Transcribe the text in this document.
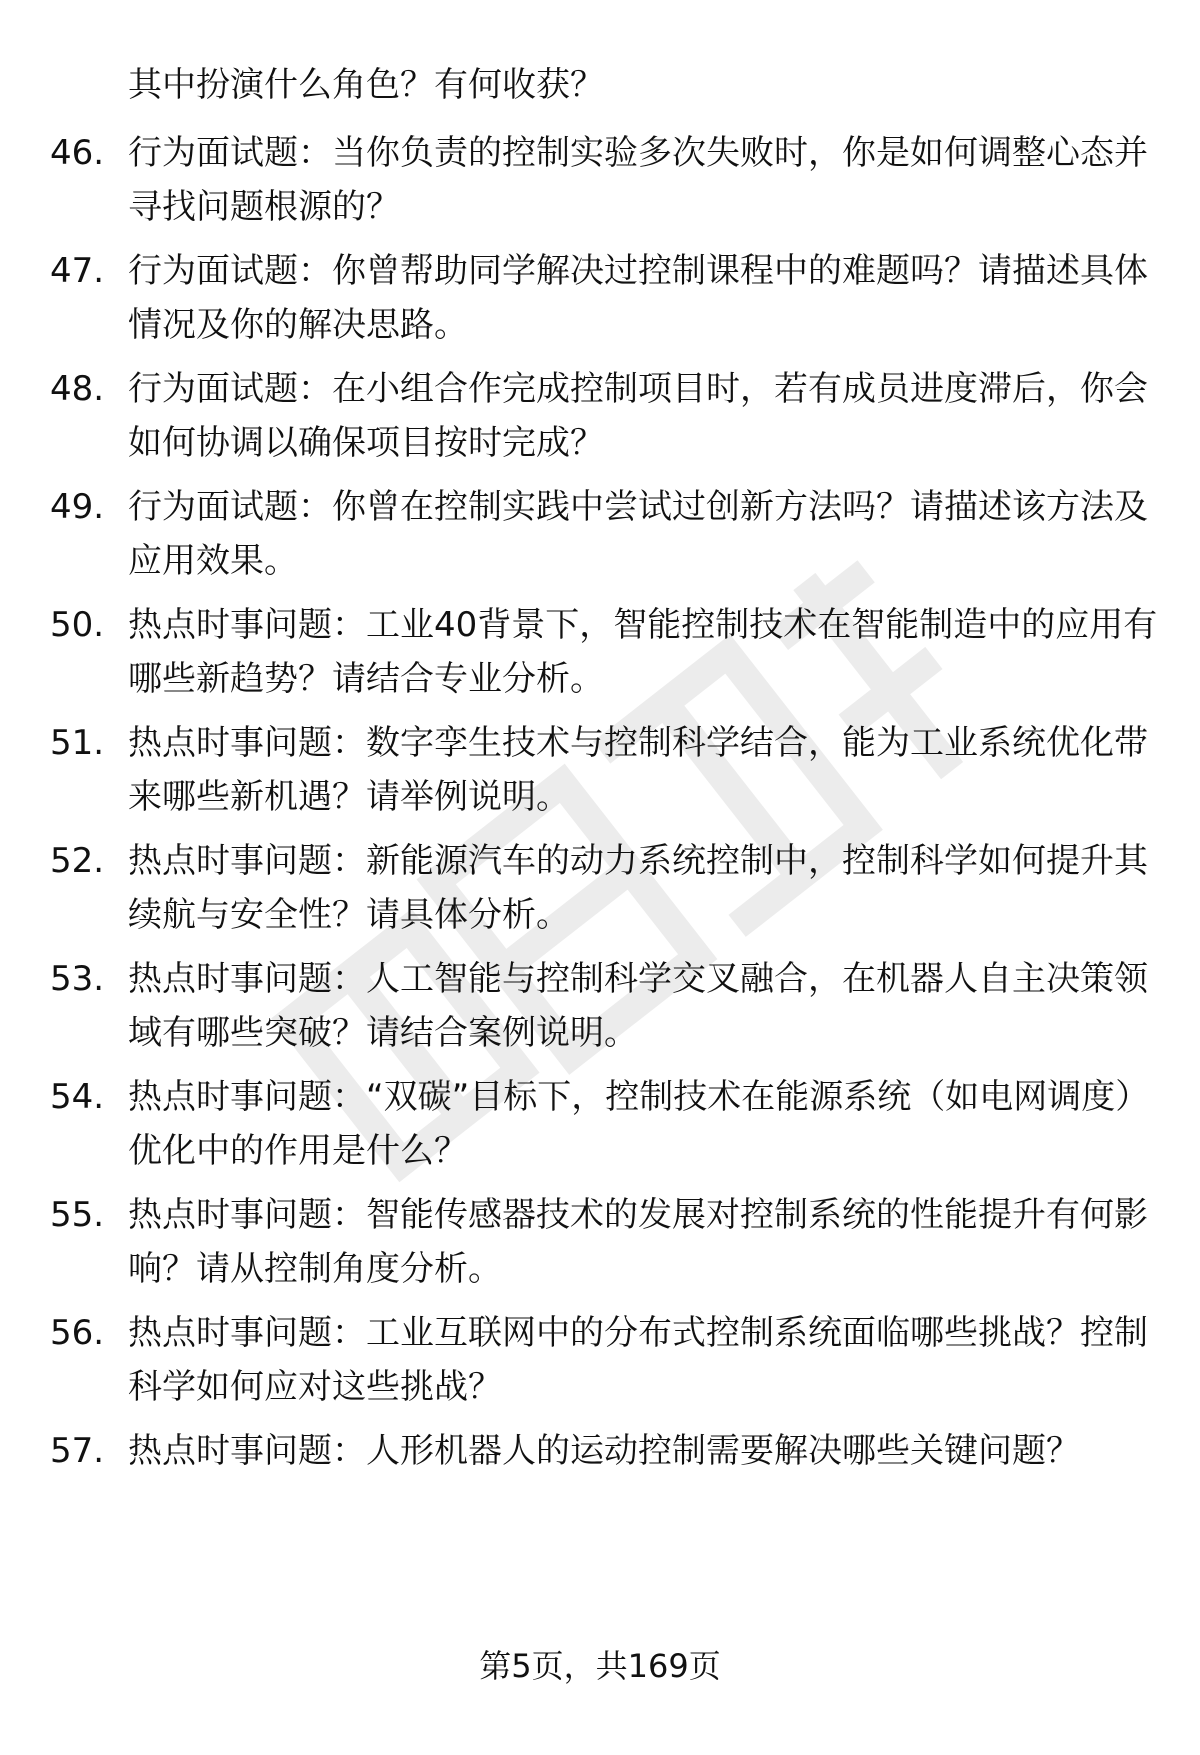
其中扮演什么角色？有何收获？
46. 行为面试题：当你负责的控制实验多次失败时，你是如何调整心态并寻找问题根源的？
47. 行为面试题：你曾帮助同学解决过控制课程中的难题吗？请描述具体情况及你的解决思路。
48. 行为面试题：在小组合作完成控制项目时，若有成员进度滞后，你会如何协调以确保项目按时完成？
49. 行为面试题：你曾在控制实践中尝试过创新方法吗？请描述该方法及应用效果。
50. 热点时事问题：工业40背景下，智能控制技术在智能制造中的应用有哪些新趋势？请结合专业分析。
51. 热点时事问题：数字孪生技术与控制科学结合，能为工业系统优化带来哪些新机遇？请举例说明。
52. 热点时事问题：新能源汽车的动力系统控制中，控制科学如何提升其续航与安全性？请具体分析。
53. 热点时事问题：人工智能与控制科学交叉融合，在机器人自主决策领域有哪些突破？请结合案例说明。
54. 热点时事问题：“双碳”目标下，控制技术在能源系统（如电网调度）优化中的作用是什么？
55. 热点时事问题：智能传感器技术的发展对控制系统的性能提升有何影响？请从控制角度分析。
56. 热点时事问题：工业互联网中的分布式控制系统面临哪些挑战？控制科学如何应对这些挑战？
57. 热点时事问题：人形机器人的运动控制需要解决哪些关键问题？
第5页，共169页
